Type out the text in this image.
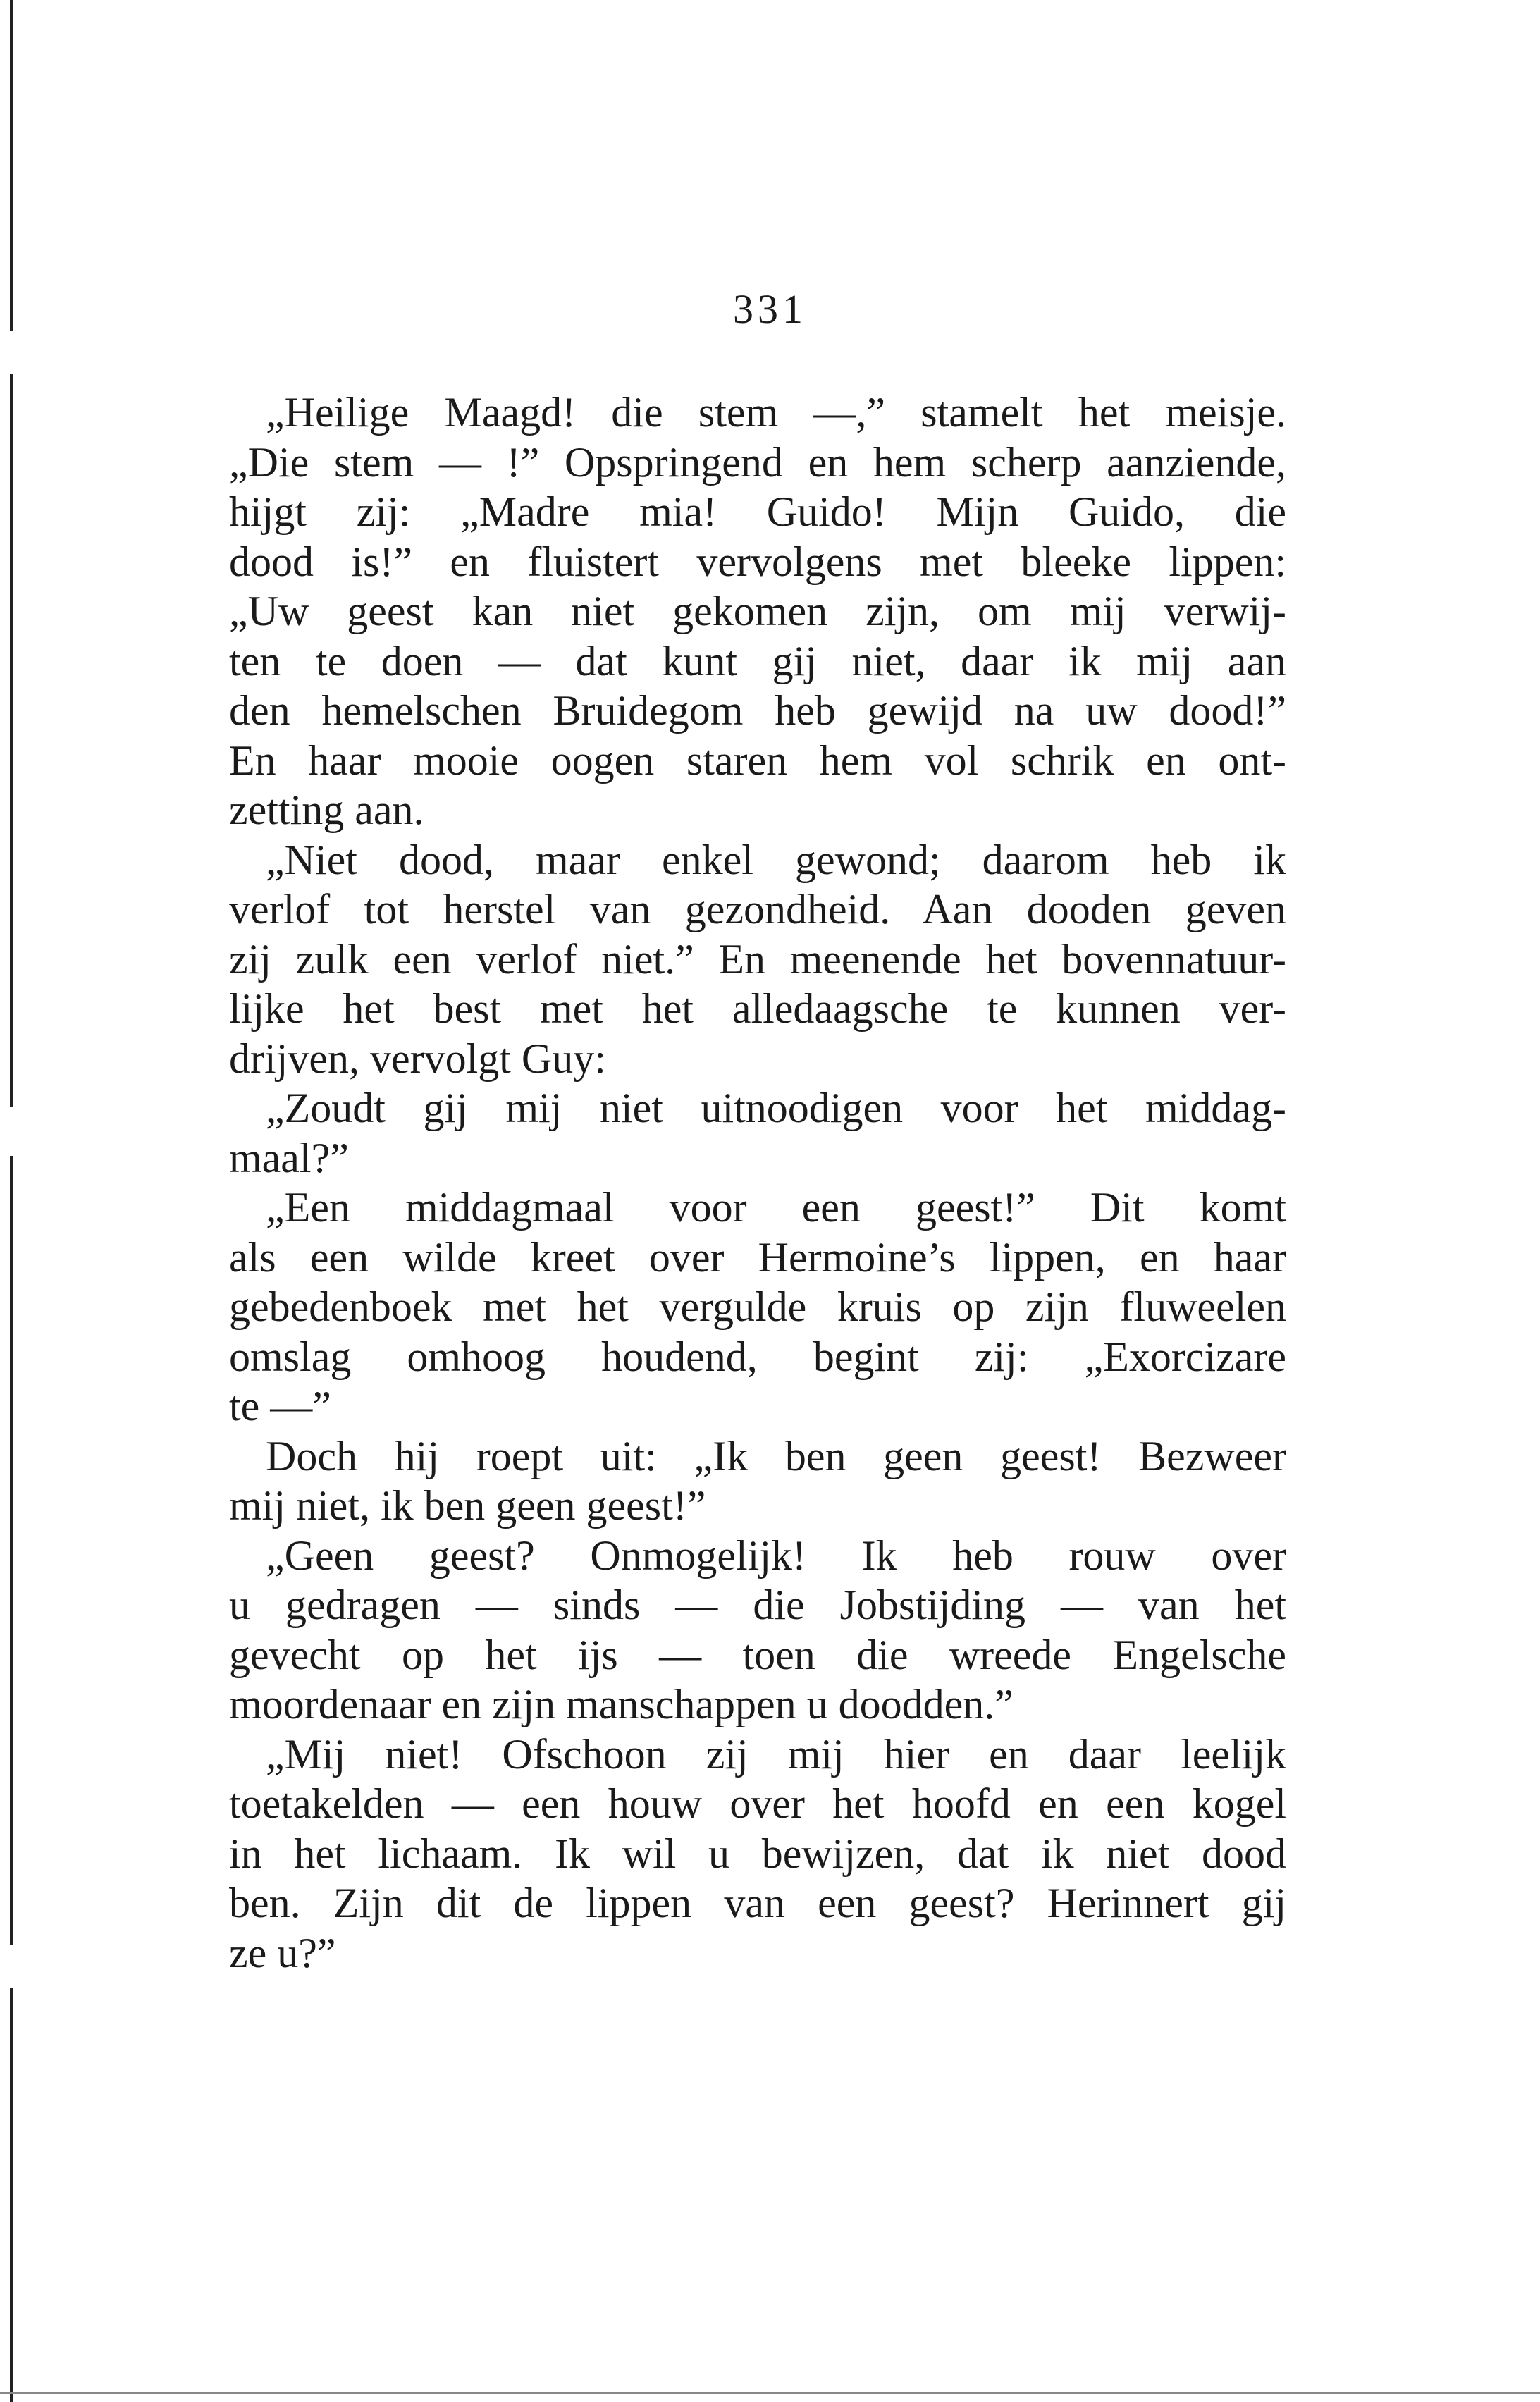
331
„Heilige Maagd! die stem —,” stamelt het meisje.
„Die stem — !” Opspringend en hem scherp aanziende,
hijgt zij: „Madre mia! Guido! Mijn Guido, die
dood is!” en fluistert vervolgens met bleeke lippen:
„Uw geest kan niet gekomen zijn, om mij verwij-
ten te doen — dat kunt gij niet, daar ik mij aan
den hemelschen Bruidegom heb gewijd na uw dood!”
En haar mooie oogen staren hem vol schrik en ont-
zetting aan.
„Niet dood, maar enkel gewond; daarom heb ik
verlof tot herstel van gezondheid. Aan dooden geven
zij zulk een verlof niet.” En meenende het bovennatuur-
lijke het best met het alledaagsche te kunnen ver-
drijven, vervolgt Guy:
„Zoudt gij mij niet uitnoodigen voor het middag-
maal?”
„Een middagmaal voor een geest!” Dit komt
als een wilde kreet over Hermoine’s lippen, en haar
gebedenboek met het vergulde kruis op zijn fluweelen
omslag omhoog houdend, begint zij: „Exorcizare
te —”
Doch hij roept uit: „Ik ben geen geest! Bezweer
mij niet, ik ben geen geest!”
„Geen geest? Onmogelijk! Ik heb rouw over
u gedragen — sinds — die Jobstijding — van het
gevecht op het ijs — toen die wreede Engelsche
moordenaar en zijn manschappen u doodden.”
„Mij niet! Ofschoon zij mij hier en daar leelijk
toetakelden — een houw over het hoofd en een kogel
in het lichaam. Ik wil u bewijzen, dat ik niet dood
ben. Zijn dit de lippen van een geest? Herinnert gij
ze u?”
